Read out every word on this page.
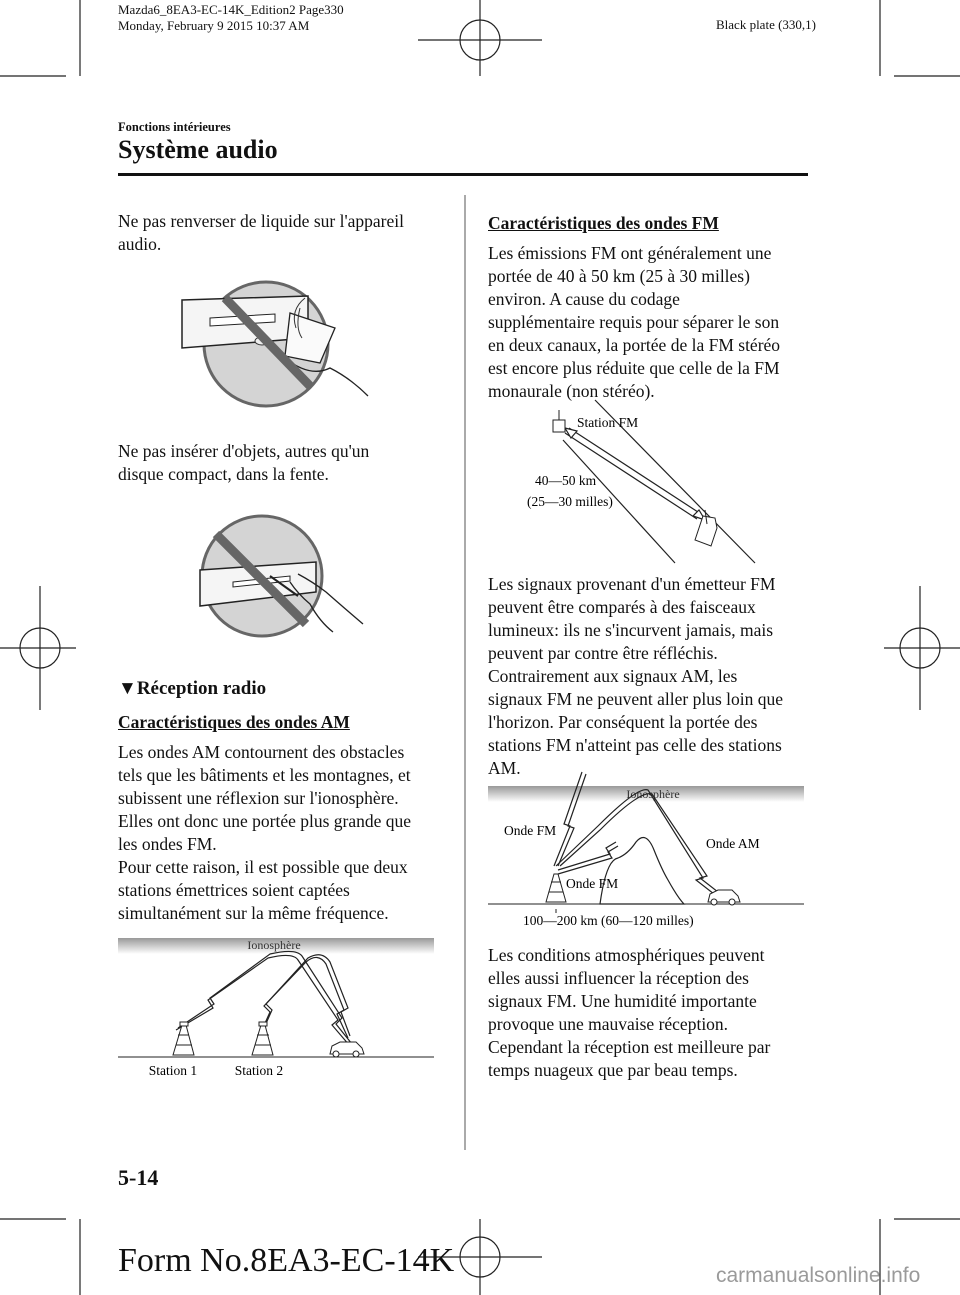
Mazda6_8EA3-EC-14K_Edition2 Page330
Monday, February 9 2015 10:37 AM	Black plate (330,1)
Fonctions intérieures
Système audio

Ne pas renverser de liquide sur l'appareil

audio.

Ne pas insérer d'objets, autres qu'un

disque compact, dans la fente.

▼Réception radio
Caractéristiques des ondes AM

Les ondes AM contournent des obstacles

tels que les bâtiments et les montagnes, et

subissent une réflexion sur l'ionosphère.

Elles ont donc une portée plus grande que

les ondes FM.

Pour cette raison, il est possible que deux

stations émettrices soient captées

simultanément sur la même fréquence.

Ionosphère
Station 1	Station 2
Caractéristiques des ondes FM

Les émissions FM ont généralement une

portée de 40 à 50 km (25 à 30 milles)

environ. A cause du codage

supplémentaire requis pour séparer le son

en deux canaux, la portée de la FM stéréo

est encore plus réduite que celle de la FM

monaurale (non stéréo).

Station FM
40—50 km
(25—30 milles)

Les signaux provenant d'un émetteur FM

peuvent être comparés à des faisceaux

lumineux: ils ne s'incurvent jamais, mais

peuvent par contre être réfléchis.

Contrairement aux signaux AM, les

signaux FM ne peuvent aller plus loin que

l'horizon. Par conséquent la portée des

stations FM n'atteint pas celle des stations

AM.

Ionosphère
Onde FM
Onde AM
Onde FM
100—200 km (60—120 milles)

Les conditions atmosphériques peuvent

elles aussi influencer la réception des

signaux FM. Une humidité importante

provoque une mauvaise réception.

Cependant la réception est meilleure par

temps nuageux que par beau temps.

5-14
Form No.8EA3-EC-14K	carmanualsonline.info
